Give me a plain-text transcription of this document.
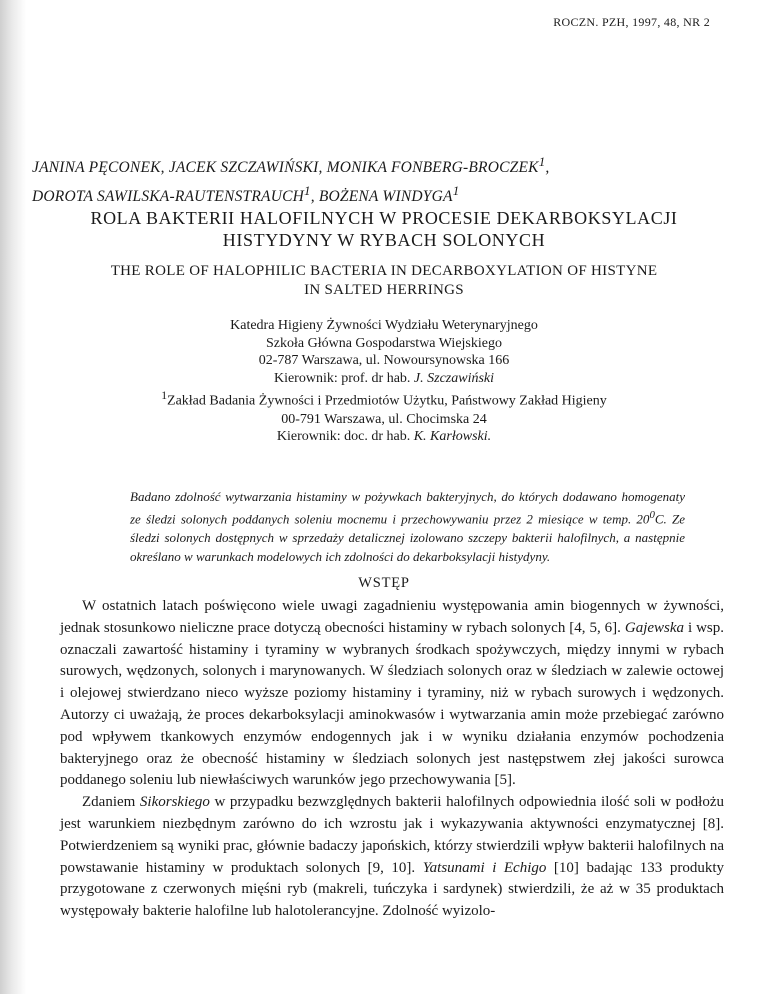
ROCZN. PZH, 1997, 48, NR 2
JANINA PĘCONEK, JACEK SZCZAWIŃSKI, MONIKA FONBERG-BROCZEK$^1$,
DOROTA SAWILSKA-RAUTENSTRAUCH$^1$, BOŻENA WINDYGA$^1$
ROLA BAKTERII HALOFILNYCH W PROCESIE DEKARBOKSYLACJI
HISTYDYNY W RYBACH SOLONYCH
THE ROLE OF HALOPHILIC BACTERIA IN DECARBOXYLATION OF HISTYNE
IN SALTED HERRINGS
Katedra Higieny Żywności Wydziału Weterynaryjnego
Szkoła Główna Gospodarstwa Wiejskiego
02-787 Warszawa, ul. Nowoursynowska 166
Kierownik: prof. dr hab. J. Szczawiński
$^1$Zakład Badania Żywności i Przedmiotów Użytku, Państwowy Zakład Higieny
00-791 Warszawa, ul. Chocimska 24
Kierownik: doc. dr hab. K. Karłowski.
Badano zdolność wytwarzania histaminy w pożywkach bakteryjnych, do których dodawano homogenaty ze śledzi solonych poddanych soleniu mocnemu i przechowywaniu przez 2 miesiące w temp. $20^0C$. Ze śledzi solonych dostępnych w sprzedaży detalicznej izolowano szczepy bakterii halofilnych, a następnie określano w warunkach modelowych ich zdolności do dekarboksylacji histydyny.
WSTĘP

W ostatnich latach poświęcono wiele uwagi zagadnieniu występowania amin biogennych w żywności, jednak stosunkowo nieliczne prace dotyczą obecności histaminy w rybach solonych [4, 5, 6]. Gajewska i wsp. oznaczali zawartość histaminy i tyraminy w wybranych środkach spożywczych, między innymi w rybach surowych, wędzonych, solonych i marynowanych. W śledziach solonych oraz w śledziach w zalewie octowej i olejowej stwierdzano nieco wyższe poziomy histaminy i tyraminy, niż w rybach surowych i wędzonych. Autorzy ci uważają, że proces dekarboksylacji aminokwasów i wytwarzania amin może przebiegać zarówno pod wpływem tkankowych enzymów endogennych jak i w wyniku działania enzymów pochodzenia bakteryjnego oraz że obecność histaminy w śledziach solonych jest następstwem złej jakości surowca poddanego soleniu lub niewłaściwych warunków jego przechowywania [5].

Zdaniem Sikorskiego w przypadku bezwzględnych bakterii halofilnych odpowiednia ilość soli w podłożu jest warunkiem niezbędnym zarówno do ich wzrostu jak i wykazywania aktywności enzymatycznej [8]. Potwierdzeniem są wyniki prac, głównie badaczy japońskich, którzy stwierdzili wpływ bakterii halofilnych na powstawanie histaminy w produktach solonych [9, 10]. Yatsunami i Echigo [10] badając 133 produkty przygotowane z czerwonych mięśni ryb (makreli, tuńczyka i sardynek) stwierdzili, że aż w 35 produktach występowały bakterie halofilne lub halotolerancyjne. Zdolność wyizolo-
